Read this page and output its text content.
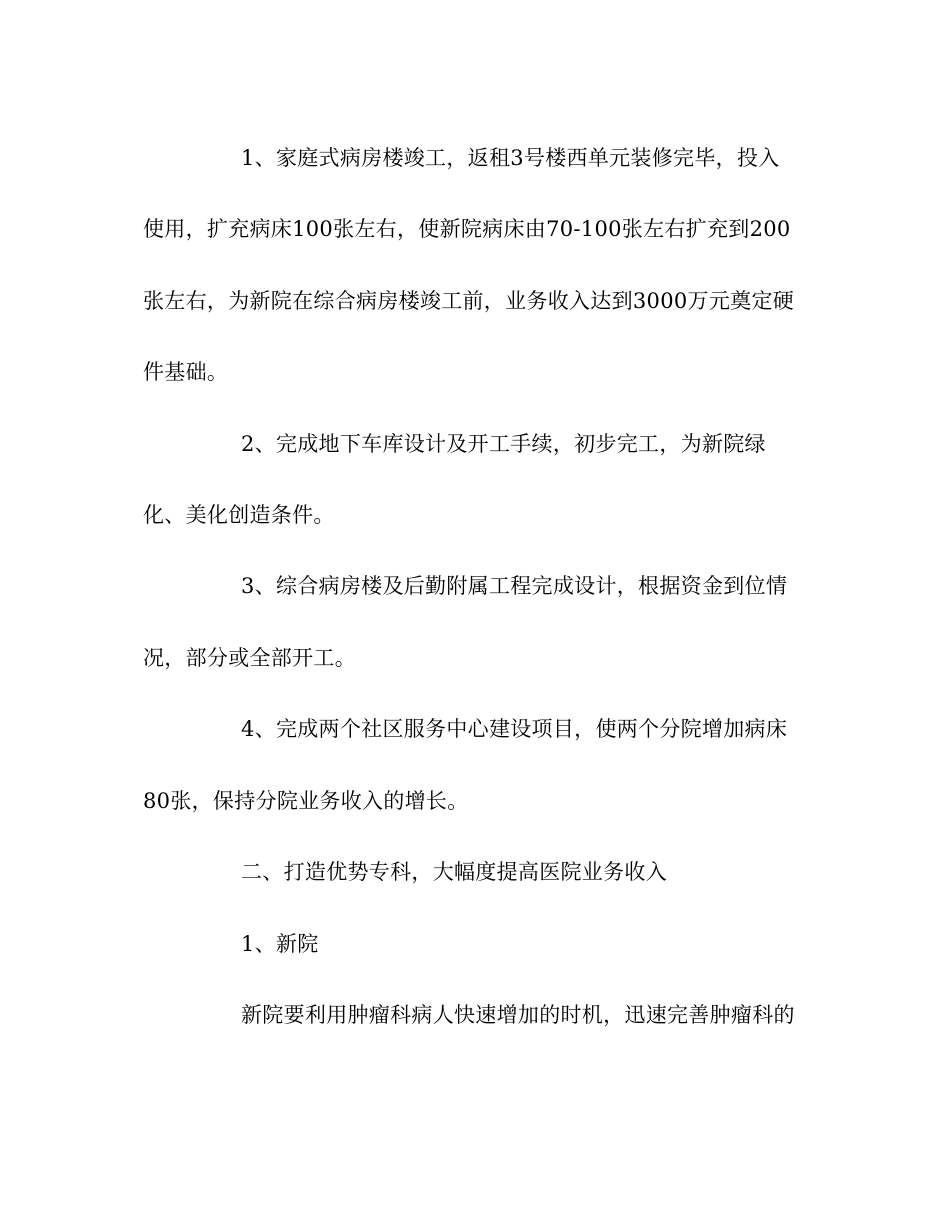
1、家庭式病房楼竣工，返租3号楼西单元装修完毕，投入
使用，扩充病床100张左右，使新院病床由70-100张左右扩充到200
张左右，为新院在综合病房楼竣工前，业务收入达到3000万元奠定硬
件基础。
2、完成地下车库设计及开工手续，初步完工，为新院绿
化、美化创造条件。
3、综合病房楼及后勤附属工程完成设计，根据资金到位情
况，部分或全部开工。
4、完成两个社区服务中心建设项目，使两个分院增加病床
80张，保持分院业务收入的增长。
二、打造优势专科，大幅度提高医院业务收入
1、新院
新院要利用肿瘤科病人快速增加的时机，迅速完善肿瘤科的
